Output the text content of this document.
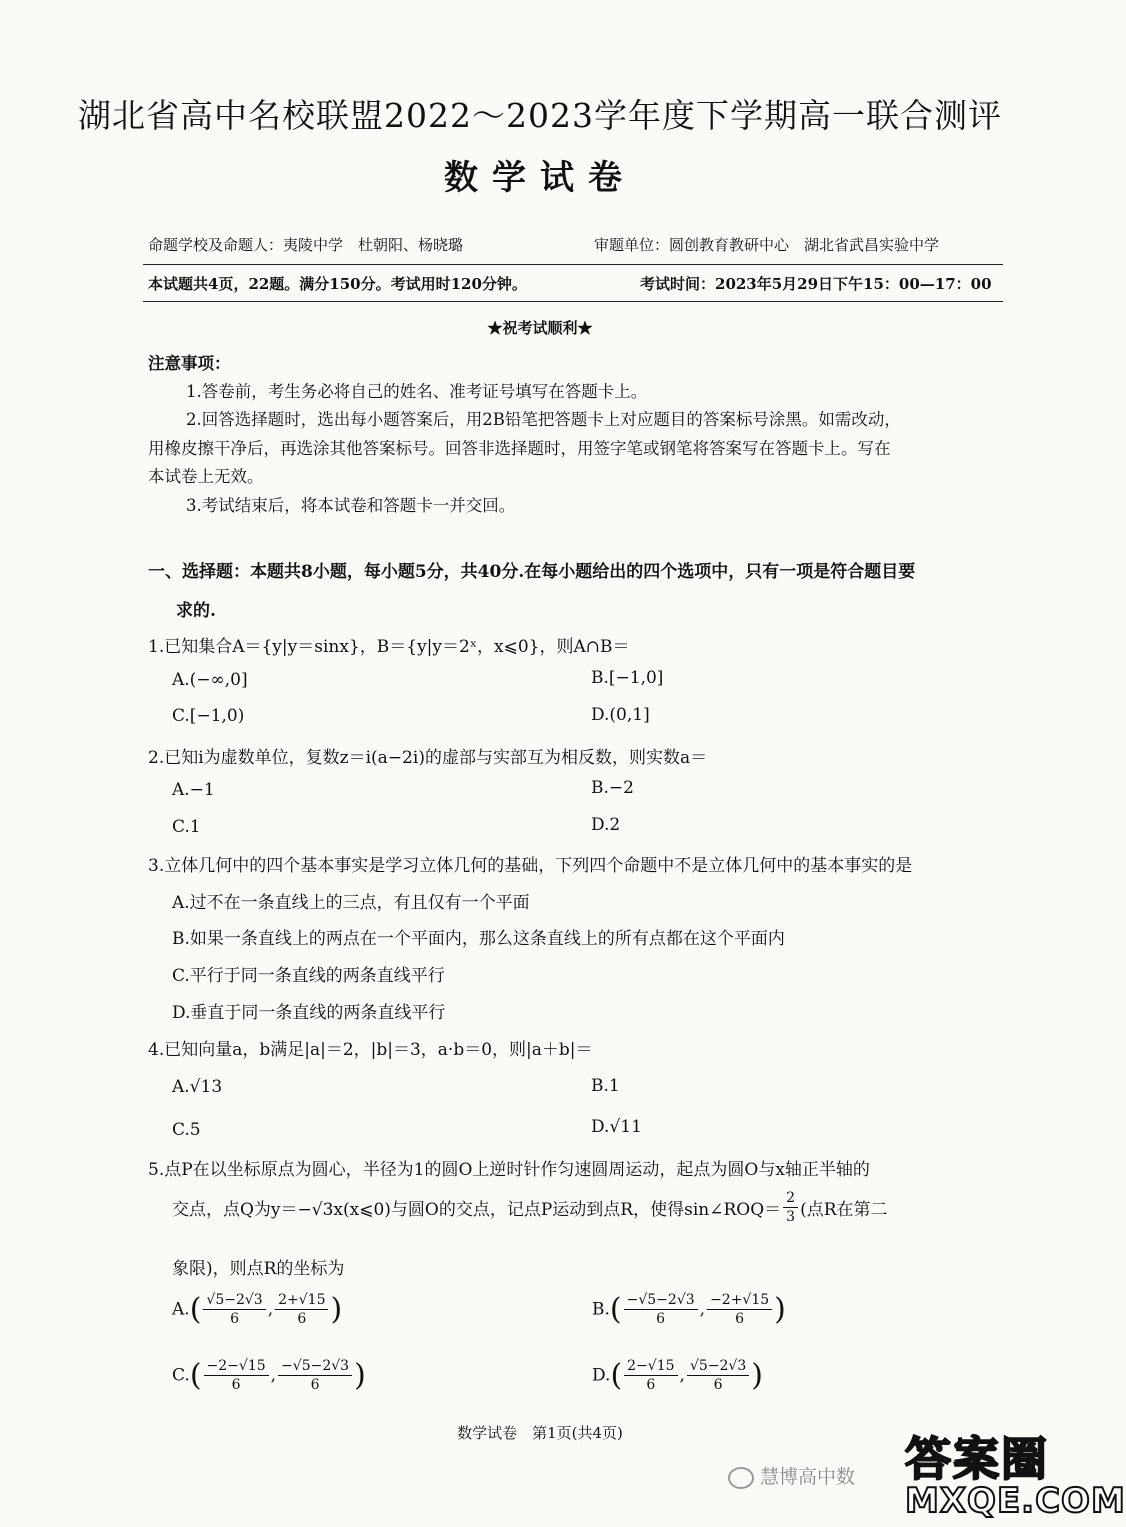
湖北省高中名校联盟2022～2023学年度下学期高一联合测评
数学试卷
命题学校及命题人：夷陵中学　杜朝阳、杨晓璐	审题单位：圆创教育教研中心　湖北省武昌实验中学
本试题共4页，22题。满分150分。考试用时120分钟。	考试时间：2023年5月29日下午15：00—17：00
★祝考试顺利★
注意事项：
1.答卷前，考生务必将自己的姓名、准考证号填写在答题卡上。
2.回答选择题时，选出每小题答案后，用2B铅笔把答题卡上对应题目的答案标号涂黑。如需改动，
用橡皮擦干净后，再选涂其他答案标号。回答非选择题时，用签字笔或钢笔将答案写在答题卡上。写在
本试卷上无效。
3.考试结束后，将本试卷和答题卡一并交回。
一、选择题：本题共8小题，每小题5分，共40分.在每小题给出的四个选项中，只有一项是符合题目要
求的.
1.已知集合A＝{y|y＝sinx}，B＝{y|y＝2ˣ，x⩽0}，则A∩B＝
A.(−∞,0]	B.[−1,0]
C.[−1,0)	D.(0,1]
2.已知i为虚数单位，复数z＝i(a−2i)的虚部与实部互为相反数，则实数a＝
A.−1	B.−2
C.1	D.2
3.立体几何中的四个基本事实是学习立体几何的基础，下列四个命题中不是立体几何中的基本事实的是
A.过不在一条直线上的三点，有且仅有一个平面
B.如果一条直线上的两点在一个平面内，那么这条直线上的所有点都在这个平面内
C.平行于同一条直线的两条直线平行
D.垂直于同一条直线的两条直线平行
4.已知向量a，b满足|a|＝2，|b|＝3，a·b＝0，则|a＋b|＝
A.√13	B.1
C.5	D.√11
5.点P在以坐标原点为圆心，半径为1的圆O上逆时针作匀速圆周运动，起点为圆O与x轴正半轴的
交点，点Q为y＝−√3x(x⩽0)与圆O的交点，记点P运动到点R，使得sin∠ROQ＝ $\frac{2}{3}$ (点R在第二
象限)，则点R的坐标为
$A.( \frac{√5-2√3}{6}$ , $\frac{2+√15}{6}$ )	$B.( \frac{-√5-2√3}{6}$ , $\frac{-2+√15}{6}$ )
$C.( \frac{-2-√15}{6}$ , $\frac{-√5-2√3}{6}$ )	$D.( \frac{2-√15}{6}$ , $\frac{√5-2√3}{6}$ )
数学试卷　第1页(共4页)
慧博高中数 答案圈
MXQE.COM
